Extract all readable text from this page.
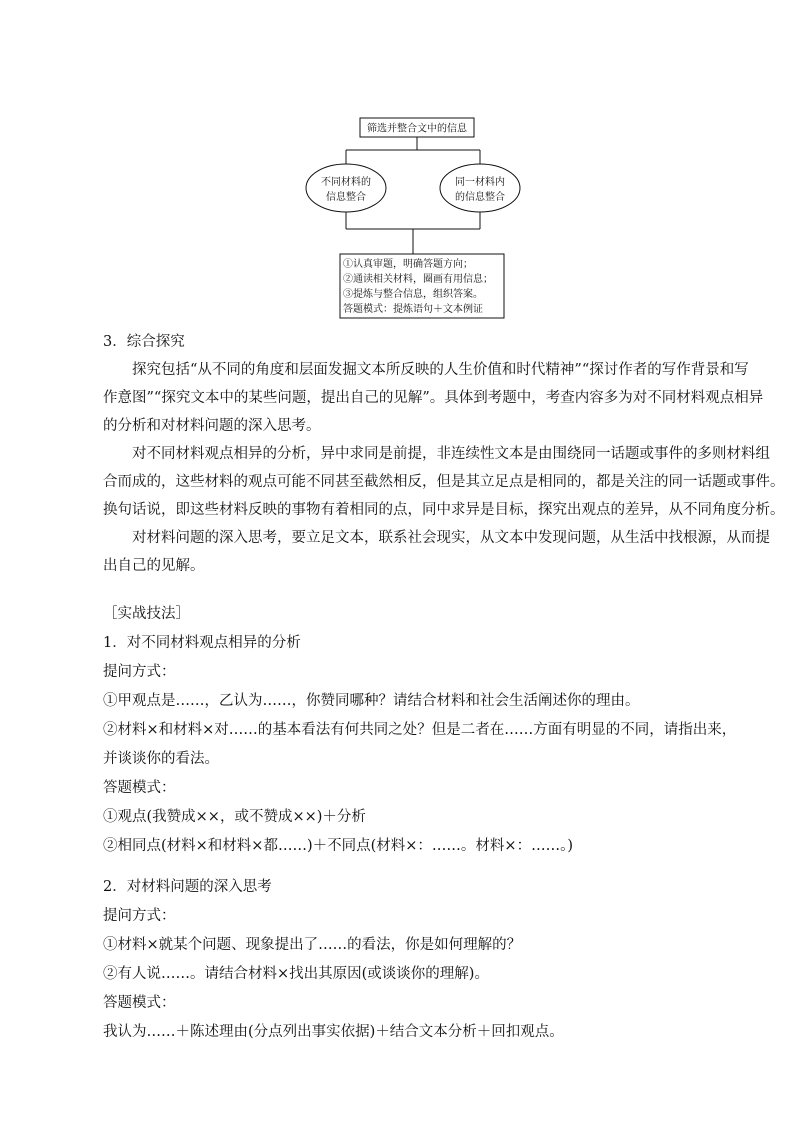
筛选并整合文中的信息
不同材料的
信息整合
同一材料内
的信息整合
①认真审题，明确答题方向；
②通读相关材料，圈画有用信息；
③提炼与整合信息，组织答案。
答题模式：提炼语句＋文本例证
3．综合探究
探究包括“从不同的角度和层面发掘文本所反映的人生价值和时代精神”“探讨作者的写作背景和写
作意图”“探究文本中的某些问题，提出自己的见解”。具体到考题中，考查内容多为对不同材料观点相异
的分析和对材料问题的深入思考。
对不同材料观点相异的分析，异中求同是前提，非连续性文本是由围绕同一话题或事件的多则材料组
合而成的，这些材料的观点可能不同甚至截然相反，但是其立足点是相同的，都是关注的同一话题或事件。
换句话说，即这些材料反映的事物有着相同的点，同中求异是目标，探究出观点的差异，从不同角度分析。
对材料问题的深入思考，要立足文本，联系社会现实，从文本中发现问题，从生活中找根源，从而提
出自己的见解。

［实战技法］

1．对不同材料观点相异的分析

提问方式：

①甲观点是……，乙认为……，你赞同哪种？请结合材料和社会生活阐述你的理由。

②材料×和材料×对……的基本看法有何共同之处？但是二者在……方面有明显的不同，请指出来，

并谈谈你的看法。

答题模式：

①观点(我赞成××，或不赞成××)＋分析

②相同点(材料×和材料×都……)＋不同点(材料×：……。材料×：……。)

2．对材料问题的深入思考

提问方式：

①材料×就某个问题、现象提出了……的看法，你是如何理解的？

②有人说……。请结合材料×找出其原因(或谈谈你的理解)。

答题模式：

我认为……＋陈述理由(分点列出事实依据)＋结合文本分析＋回扣观点。
